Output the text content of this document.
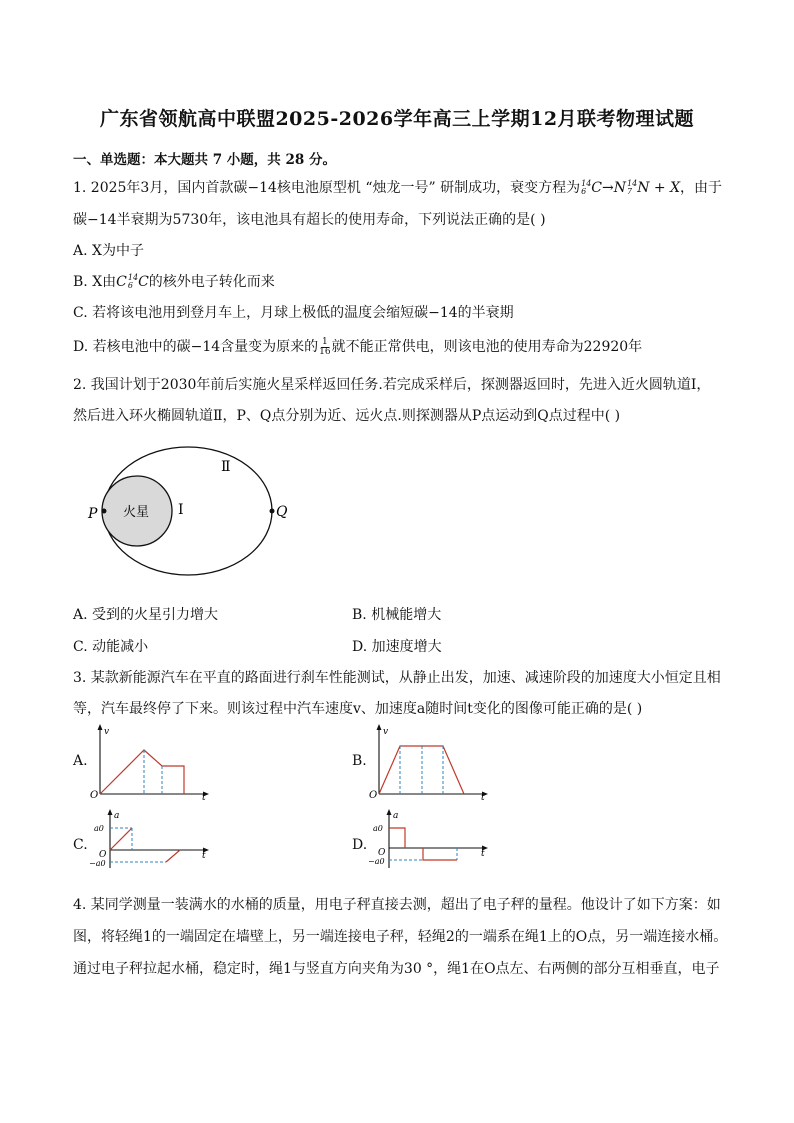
广东省领航高中联盟2025-2026学年高三上学期12月联考物理试题
一、单选题：本大题共 7 小题，共 28 分。
1. 2025年3月，国内首款碳−14核电池原型机 “烛龙一号” 研制成功，衰变方程为 14
6 C→N 14
7 N + X，由于
碳−14半衰期为5730年，该电池具有超长的使用寿命，下列说法正确的是( )
A. X为中子
B. X由C 14
6 C的核外电子转化而来
C. 若将该电池用到登月车上，月球上极低的温度会缩短碳−14的半衰期
D. 若核电池中的碳−14含量变为原来的 $\frac{1}{16}$ 就不能正常供电，则该电池的使用寿命为22920年
2. 我国计划于2030年前后实施火星采样返回任务.若完成采样后，探测器返回时，先进入近火圆轨道Ⅰ，
然后进入环火椭圆轨道Ⅱ，P、Q点分别为近、远火点.则探测器从P点运动到Q点过程中( )
火星 Ⅰ
Ⅱ
P	Q
A. 受到的火星引力增大	B. 机械能增大
C. 动能减小	D. 加速度增大
3. 某款新能源汽车在平直的路面进行刹车性能测试，从静止出发，加速、减速阶段的加速度大小恒定且相
等，汽车最终停了下来。则该过程中汽车速度v、加速度a随时间t变化的图像可能正确的是( )
A.
v
t
O
B.
v
t
O
C.
a
t
O
a0
−a0
D.
a
t
O
a0
−a0
4. 某同学测量一装满水的水桶的质量，用电子秤直接去测，超出了电子秤的量程。他设计了如下方案：如
图，将轻绳1的一端固定在墙壁上，另一端连接电子秤，轻绳2的一端系在绳1上的O点，另一端连接水桶。
通过电子秤拉起水桶，稳定时，绳1与竖直方向夹角为30 °，绳1在O点左、右两侧的部分互相垂直，电子
